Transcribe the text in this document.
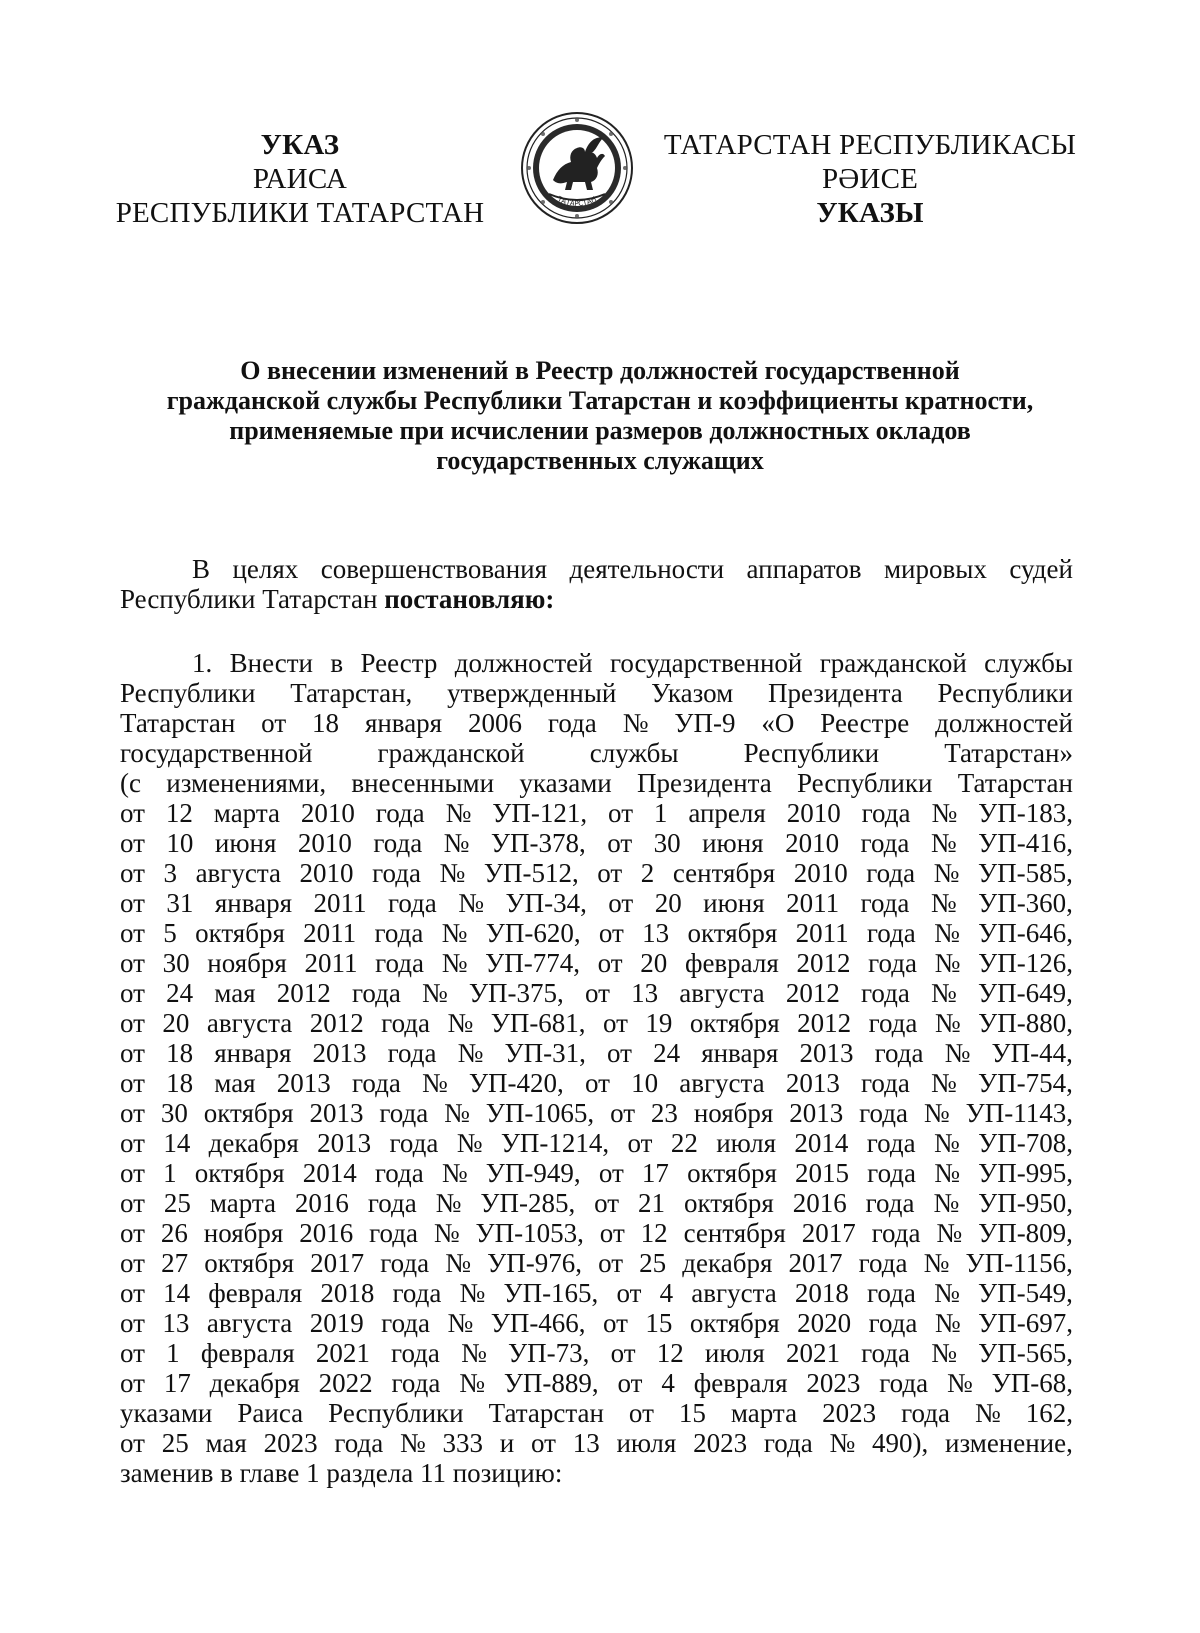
УКАЗ
РАИСА
РЕСПУБЛИКИ ТАТАРСТАН	ТАТАРСТАН
ТАТАРСТАН РЕСПУБЛИКАСЫ
РӘИСЕ
УКАЗЫ
О внесении изменений в Реестр должностей государственной
гражданской службы Республики Татарстан и коэффициенты кратности,
применяемые при исчислении размеров должностных окладов
государственных служащих
В целях совершенствования деятельности аппаратов мировых судей
Республики Татарстан постановляю:
1. Внести в Реестр должностей государственной гражданской службы
Республики Татарстан, утвержденный Указом Президента Республики
Татарстан от 18 января 2006 года № УП-9 «О Реестре должностей
государственной гражданской службы Республики Татарстан»
(с изменениями, внесенными указами Президента Республики Татарстан
от 12 марта 2010 года № УП-121, от 1 апреля 2010 года № УП-183,
от 10 июня 2010 года № УП-378, от 30 июня 2010 года № УП-416,
от 3 августа 2010 года № УП-512, от 2 сентября 2010 года № УП-585,
от 31 января 2011 года № УП-34, от 20 июня 2011 года № УП-360,
от 5 октября 2011 года № УП-620, от 13 октября 2011 года № УП-646,
от 30 ноября 2011 года № УП-774, от 20 февраля 2012 года № УП-126,
от 24 мая 2012 года № УП-375, от 13 августа 2012 года № УП-649,
от 20 августа 2012 года № УП-681, от 19 октября 2012 года № УП-880,
от 18 января 2013 года № УП-31, от 24 января 2013 года № УП-44,
от 18 мая 2013 года № УП-420, от 10 августа 2013 года № УП-754,
от 30 октября 2013 года № УП-1065, от 23 ноября 2013 года № УП-1143,
от 14 декабря 2013 года № УП-1214, от 22 июля 2014 года № УП-708,
от 1 октября 2014 года № УП-949, от 17 октября 2015 года № УП-995,
от 25 марта 2016 года № УП-285, от 21 октября 2016 года № УП-950,
от 26 ноября 2016 года № УП-1053, от 12 сентября 2017 года № УП-809,
от 27 октября 2017 года № УП-976, от 25 декабря 2017 года № УП-1156,
от 14 февраля 2018 года № УП-165, от 4 августа 2018 года № УП-549,
от 13 августа 2019 года № УП-466, от 15 октября 2020 года № УП-697,
от 1 февраля 2021 года № УП-73, от 12 июля 2021 года № УП-565,
от 17 декабря 2022 года № УП-889, от 4 февраля 2023 года № УП-68,
указами Раиса Республики Татарстан от 15 марта 2023 года № 162,
от 25 мая 2023 года № 333 и от 13 июля 2023 года № 490), изменение,
заменив в главе 1 раздела 11 позицию:
